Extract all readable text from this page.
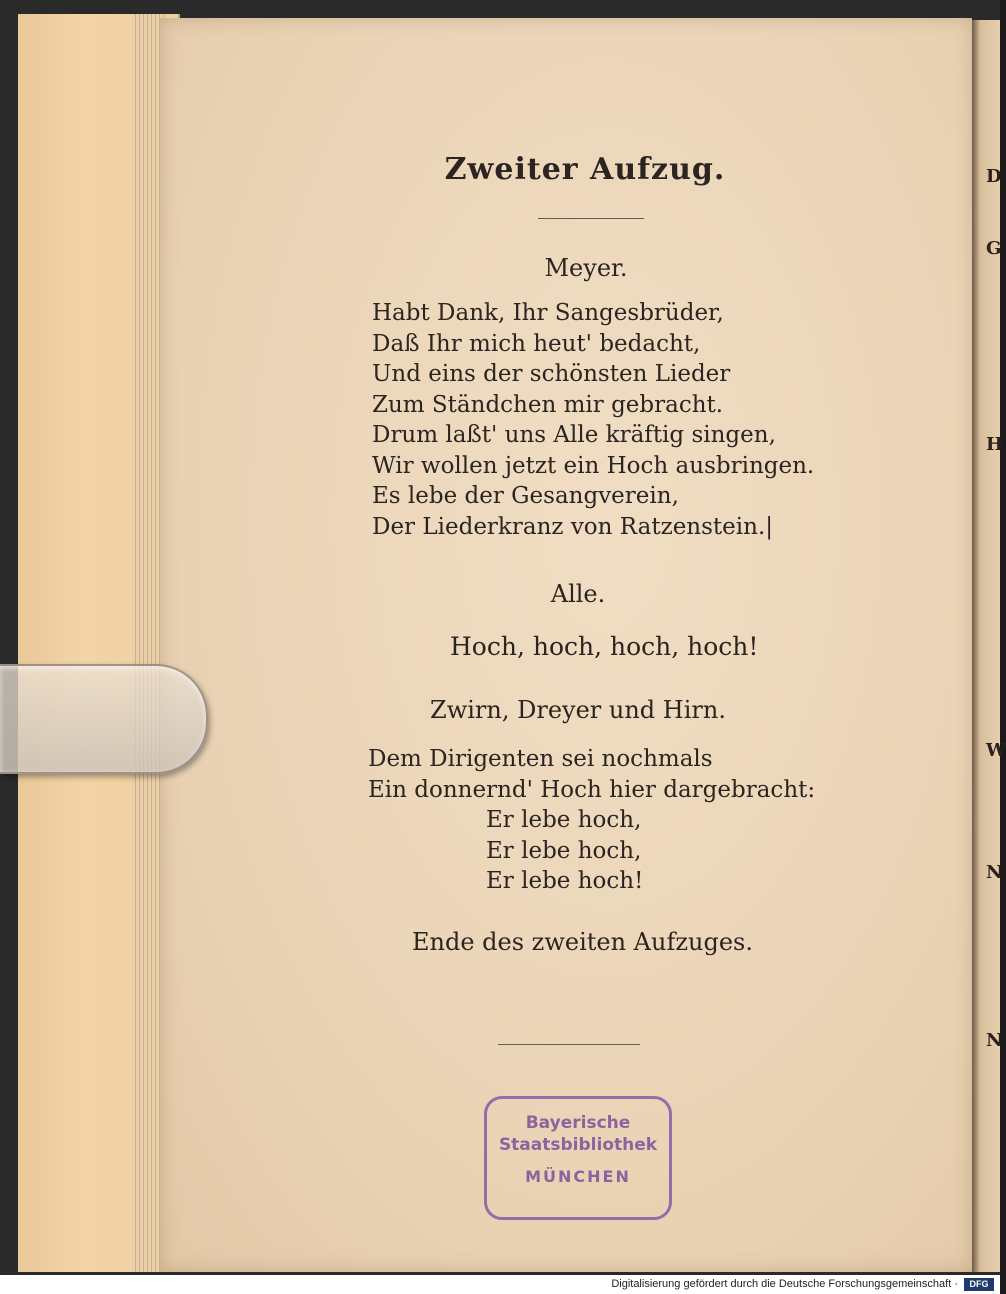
D
G
H
W
N
N
Zweiter Aufzug.
Meyer.
Habt Dank, Ihr Sangesbrüder,
Daß Ihr mich heut' bedacht,
Und eins der schönsten Lieder
Zum Ständchen mir gebracht.
Drum laßt' uns Alle kräftig singen,
Wir wollen jetzt ein Hoch ausbringen.
Es lebe der Gesangverein,
Der Liederkranz von Ratzenstein.|
Alle.
Hoch, hoch, hoch, hoch!
Zwirn, Dreyer und Hirn.
Dem Dirigenten sei nochmals
Ein donnernd' Hoch hier dargebracht:
Er lebe hoch,
Er lebe hoch,
Er lebe hoch!
Ende des zweiten Aufzuges.
Bayerische
Staatsbibliothek
MÜNCHEN
Digitalisierung gefördert durch die Deutsche Forschungsgemeinschaft ·	DFG
